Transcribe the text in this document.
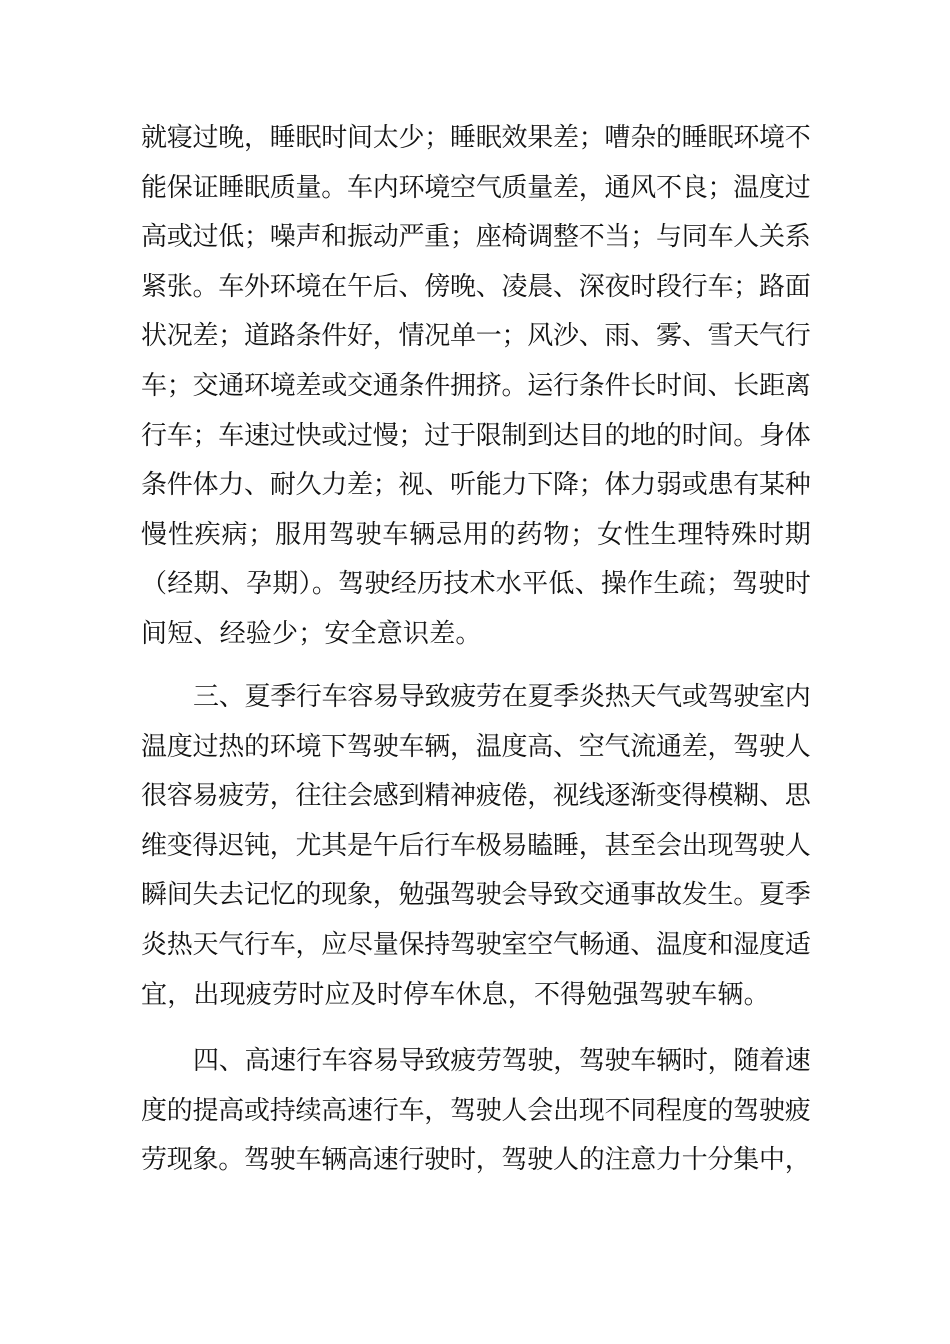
就寝过晚，睡眠时间太少；睡眠效果差；嘈杂的睡眠环境不
能保证睡眠质量。车内环境空气质量差，通风不良；温度过
高或过低；噪声和振动严重；座椅调整不当；与同车人关系
紧张。车外环境在午后、傍晚、凌晨、深夜时段行车；路面
状况差；道路条件好，情况单一；风沙、雨、雾、雪天气行
车；交通环境差或交通条件拥挤。运行条件长时间、长距离
行车；车速过快或过慢；过于限制到达目的地的时间。身体
条件体力、耐久力差；视、听能力下降；体力弱或患有某种
慢性疾病；服用驾驶车辆忌用的药物；女性生理特殊时期
（经期、孕期）。驾驶经历技术水平低、操作生疏；驾驶时
间短、经验少；安全意识差。
三、夏季行车容易导致疲劳在夏季炎热天气或驾驶室内
温度过热的环境下驾驶车辆，温度高、空气流通差，驾驶人
很容易疲劳，往往会感到精神疲倦，视线逐渐变得模糊、思
维变得迟钝，尤其是午后行车极易瞌睡，甚至会出现驾驶人
瞬间失去记忆的现象，勉强驾驶会导致交通事故发生。夏季
炎热天气行车，应尽量保持驾驶室空气畅通、温度和湿度适
宜，出现疲劳时应及时停车休息，不得勉强驾驶车辆。
四、高速行车容易导致疲劳驾驶，驾驶车辆时，随着速
度的提高或持续高速行车，驾驶人会出现不同程度的驾驶疲
劳现象。驾驶车辆高速行驶时，驾驶人的注意力十分集中，
